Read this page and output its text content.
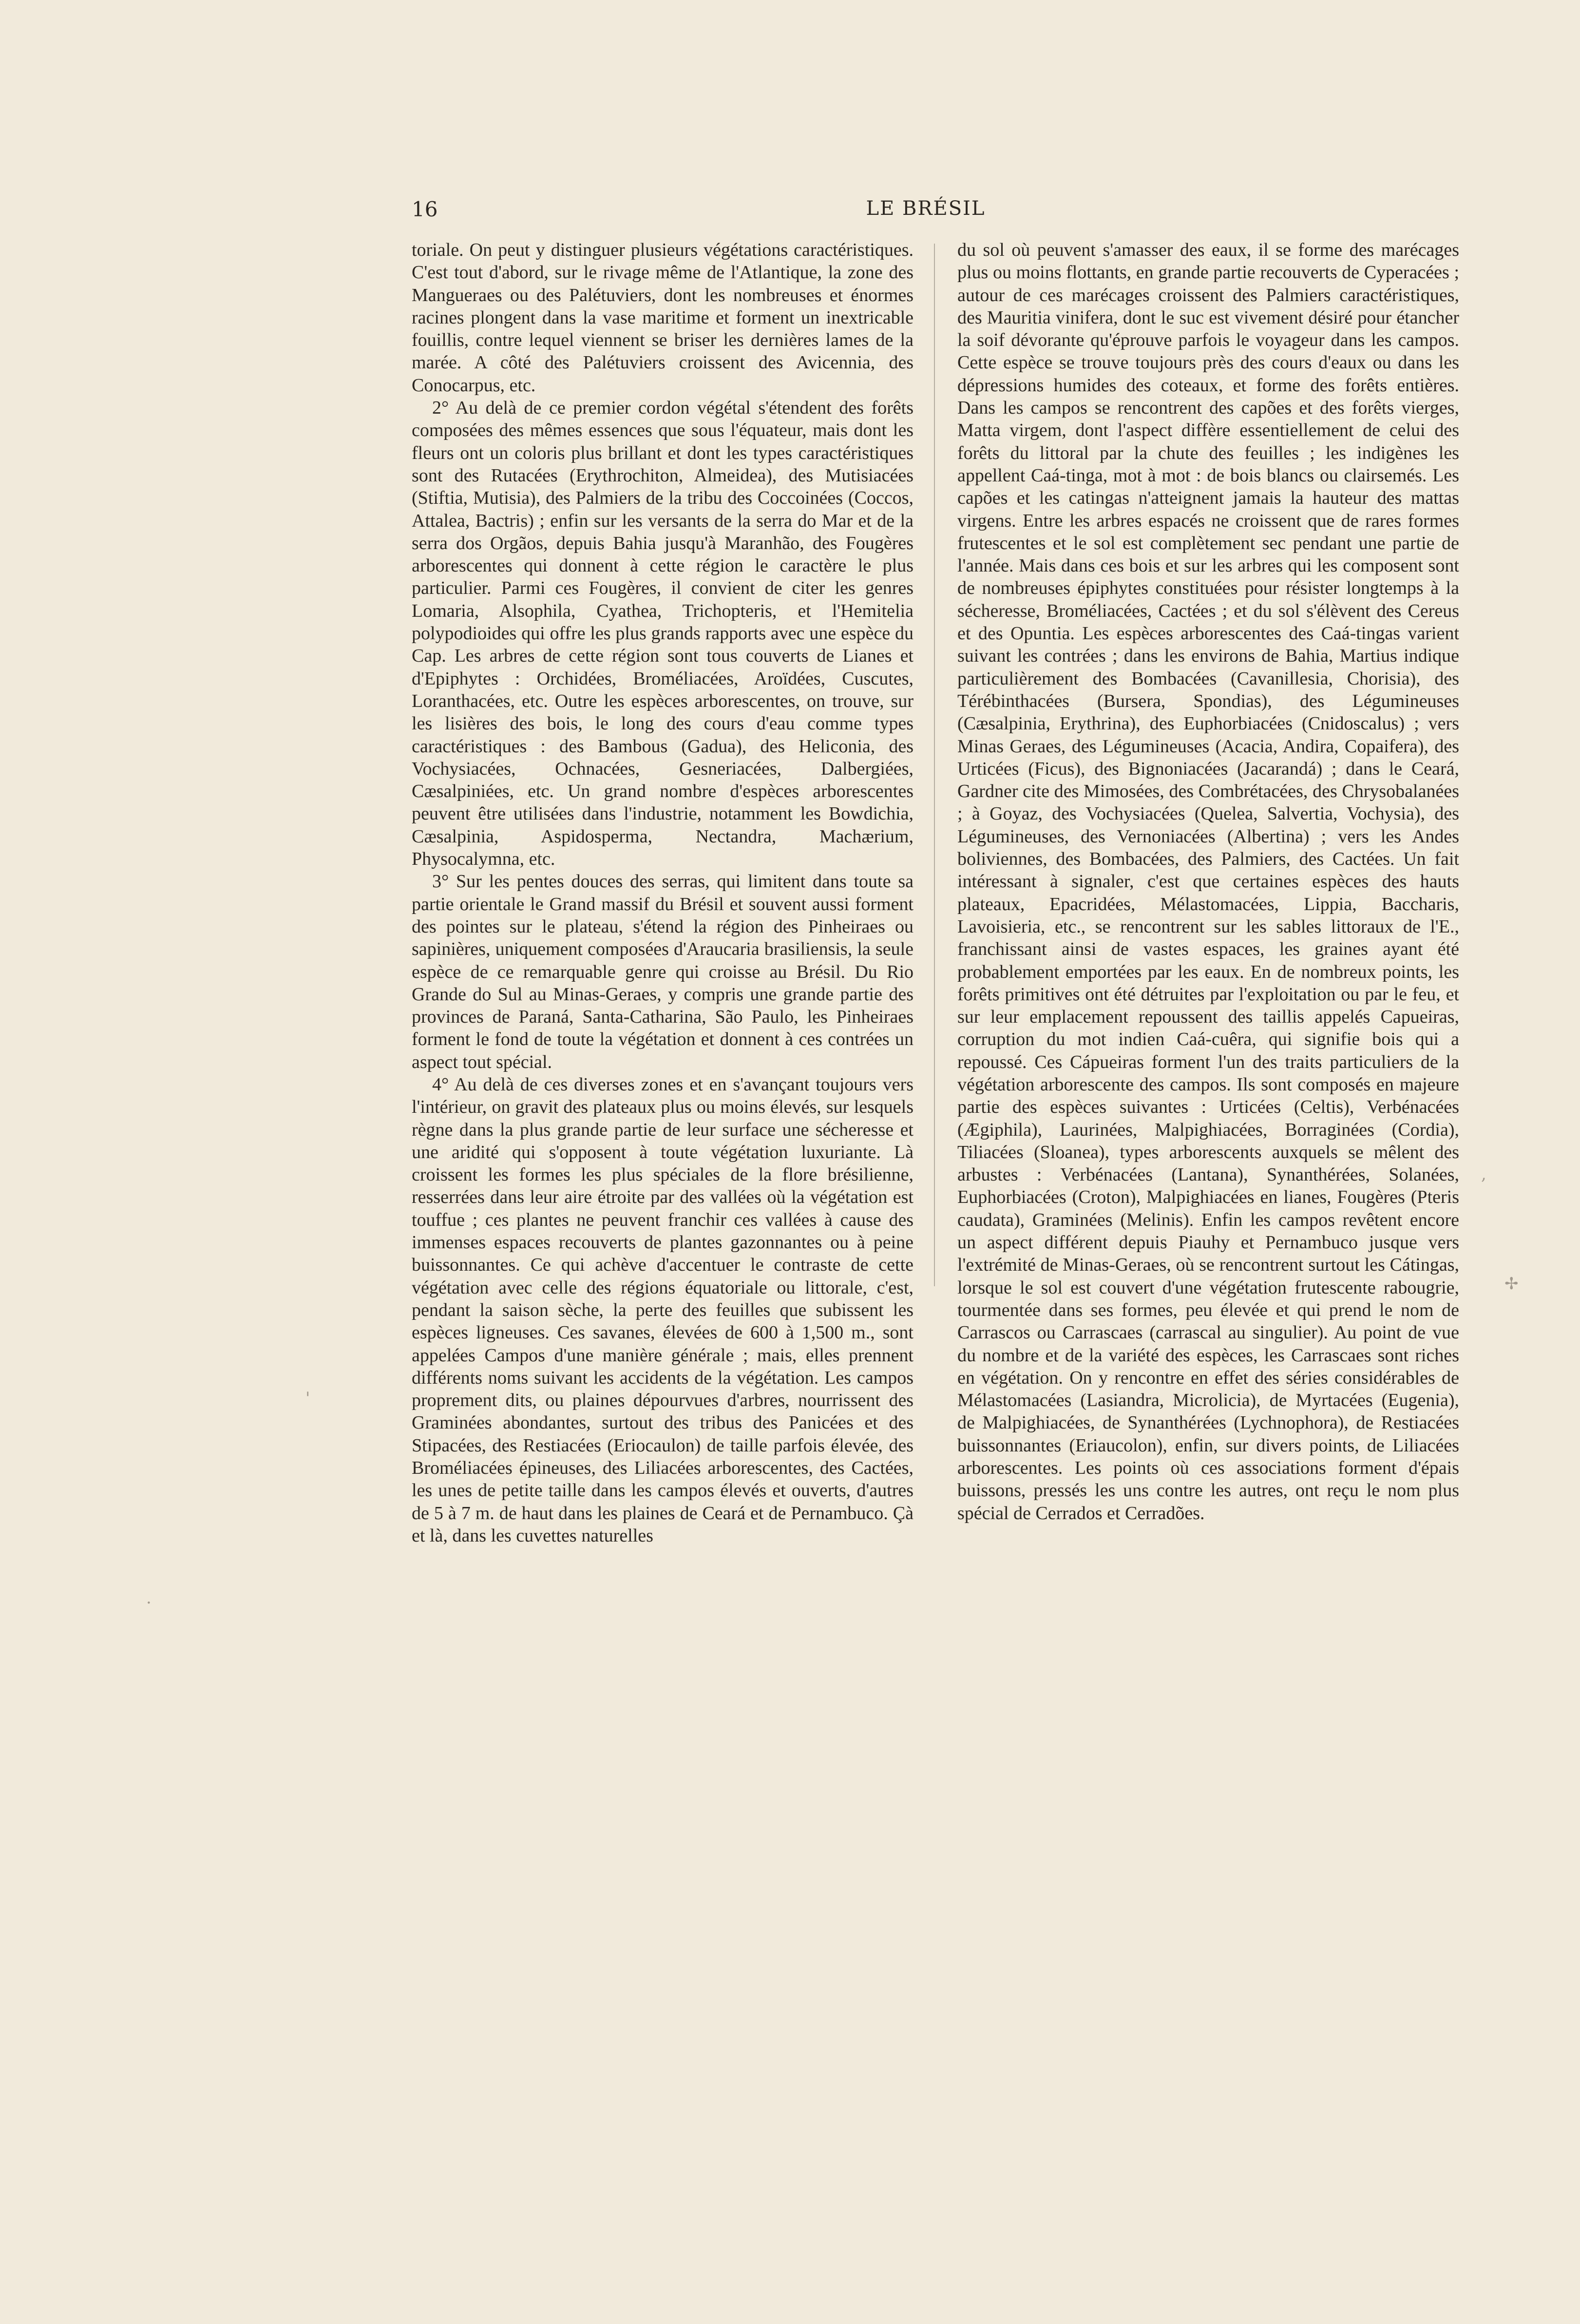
16	LE BRÉSIL

toriale. On peut y distinguer plusieurs végétations caractéristiques. C'est tout d'abord, sur le rivage même de l'Atlantique, la zone des Manguerаes ou des Palétuviers, dont les nombreuses et énormes racines plongent dans la vase maritime et forment un inextricable fouillis, contre lequel viennent se briser les dernières lames de la marée. A côté des Palétuviers croissent des Avicennia, des Conocarpus, etc.

2° Au delà de ce premier cordon végétal s'étendent des forêts composées des mêmes essences que sous l'équateur, mais dont les fleurs ont un coloris plus brillant et dont les types caractéristiques sont des Rutacées (Erythrochiton, Almeidea), des Mutisiacées (Stiftia, Mutisia), des Palmiers de la tribu des Coccoinées (Coccos, Attalea, Bactris) ; enfin sur les versants de la serra do Mar et de la serra dos Orgãos, depuis Bahia jusqu'à Maranhão, des Fougères arborescentes qui donnent à cette région le caractère le plus particulier. Parmi ces Fougères, il convient de citer les genres Lomaria, Alsophila, Cyathea, Trichopteris, et l'Hemitelia polypodioides qui offre les plus grands rapports avec une espèce du Cap. Les arbres de cette région sont tous couverts de Lianes et d'Epiphytes : Orchidées, Broméliacées, Aroïdées, Cuscutes, Loranthacées, etc. Outre les espèces arborescentes, on trouve, sur les lisières des bois, le long des cours d'eau comme types caractéristiques : des Bambous (Gadua), des Heliconia, des Vochysiacées, Ochnacées, Gesneriacées, Dalbergiées, Cæsalpiniées, etc. Un grand nombre d'espèces arborescentes peuvent être utilisées dans l'industrie, notamment les Bowdichia, Cæsalpinia, Aspidosperma, Nectandra, Machærium, Physocalymna, etc.

3° Sur les pentes douces des serras, qui limitent dans toute sa partie orientale le Grand massif du Brésil et souvent aussi forment des pointes sur le plateau, s'étend la région des Pinheiraes ou sapinières, uniquement composées d'Araucaria brasiliensis, la seule espèce de ce remarquable genre qui croisse au Brésil. Du Rio Grande do Sul au Minas-Geraes, y compris une grande partie des provinces de Paraná, Santa-Catharina, São Paulo, les Pinheiraes forment le fond de toute la végétation et donnent à ces contrées un aspect tout spécial.

4° Au delà de ces diverses zones et en s'avançant toujours vers l'intérieur, on gravit des plateaux plus ou moins élevés, sur lesquels règne dans la plus grande partie de leur surface une sécheresse et une aridité qui s'opposent à toute végétation luxuriante. Là croissent les formes les plus spéciales de la flore brésilienne, resserrées dans leur aire étroite par des vallées où la végétation est touffue ; ces plantes ne peuvent franchir ces vallées à cause des immenses espaces recouverts de plantes gazonnantes ou à peine buissonnantes. Ce qui achève d'accentuer le contraste de cette végétation avec celle des régions équatoriale ou littorale, c'est, pendant la saison sèche, la perte des feuilles que subissent les espèces ligneuses. Ces savanes, élevées de 600 à 1,500 m., sont appelées Campos d'une manière générale ; mais, elles prennent différents noms suivant les accidents de la végétation. Les campos proprement dits, ou plaines dépourvues d'arbres, nourrissent des Graminées abondantes, surtout des tribus des Panicées et des Stipacées, des Restiacées (Eriocaulon) de taille parfois élevée, des Broméliacées épineuses, des Liliacées arborescentes, des Cactées, les unes de petite taille dans les campos élevés et ouverts, d'autres de 5 à 7 m. de haut dans les plaines de Ceará et de Pernambuco. Çà et là, dans les cuvettes naturelles

du sol où peuvent s'amasser des eaux, il se forme des marécages plus ou moins flottants, en grande partie recouverts de Cyperacées ; autour de ces marécages croissent des Palmiers caractéristiques, des Mauritia vinifera, dont le suc est vivement désiré pour étancher la soif dévorante qu'éprouve parfois le voyageur dans les campos. Cette espèce se trouve toujours près des cours d'eaux ou dans les dépressions humides des coteaux, et forme des forêts entières. Dans les campos se rencontrent des capões et des forêts vierges, Matta virgem, dont l'aspect diffère essentiellement de celui des forêts du littoral par la chute des feuilles ; les indigènes les appellent Caá-tinga, mot à mot : de bois blancs ou clairsemés. Les capões et les catingas n'atteignent jamais la hauteur des mattas virgens. Entre les arbres espacés ne croissent que de rares formes frutescentes et le sol est complètement sec pendant une partie de l'année. Mais dans ces bois et sur les arbres qui les composent sont de nombreuses épiphytes constituées pour résister longtemps à la sécheresse, Broméliacées, Cactées ; et du sol s'élèvent des Cereus et des Opuntia. Les espèces arborescentes des Caá-tingas varient suivant les contrées ; dans les environs de Bahia, Martius indique particulièrement des Bombacées (Cavanillesia, Chorisia), des Térébinthacées (Bursera, Spondias), des Légumineuses (Cæsalpinia, Erythrina), des Euphorbiacées (Cnidoscalus) ; vers Minas Geraes, des Légumineuses (Acacia, Andira, Copaifera), des Urticées (Ficus), des Bignoniacées (Jacarandá) ; dans le Ceará, Gardner cite des Mimosées, des Combrétacées, des Chrysobalanées ; à Goyaz, des Vochysiacées (Quelea, Salvertia, Vochysia), des Légumineuses, des Vernoniacées (Albertina) ; vers les Andes boliviennes, des Bombacées, des Palmiers, des Cactées. Un fait intéressant à signaler, c'est que certaines espèces des hauts plateaux, Epacridées, Mélastomacées, Lippia, Baccharis, Lavoisieria, etc., se rencontrent sur les sables littoraux de l'E., franchissant ainsi de vastes espaces, les graines ayant été probablement emportées par les eaux. En de nombreux points, les forêts primitives ont été détruites par l'exploitation ou par le feu, et sur leur emplacement repoussent des taillis appelés Capueiras, corruption du mot indien Caá-cuêra, qui signifie bois qui a repoussé. Ces Cápueiras forment l'un des traits particuliers de la végétation arborescente des campos. Ils sont composés en majeure partie des espèces suivantes : Urticées (Celtis), Verbénacées (Ægiphila), Laurinées, Malpighiacées, Borraginées (Cordia), Tiliacées (Sloanea), types arborescents auxquels se mêlent des arbustes : Verbénacées (Lantana), Synanthérées, Solanées, Euphorbiacées (Croton), Malpighiacées en lianes, Fougères (Pteris caudata), Graminées (Melinis). Enfin les campos revêtent encore un aspect différent depuis Piauhy et Pernambuco jusque vers l'extrémité de Minas-Geraes, où se rencontrent surtout les Cátingas, lorsque le sol est couvert d'une végétation frutescente rabougrie, tourmentée dans ses formes, peu élevée et qui prend le nom de Carrascos ou Carrascaes (carrascal au singulier). Au point de vue du nombre et de la variété des espèces, les Carrascaes sont riches en végétation. On y rencontre en effet des séries considérables de Mélastomacées (Lasiandra, Microlicia), de Myrtacées (Eugenia), de Malpighiacées, de Synanthérées (Lychnophora), de Restiacées buissonnantes (Eriaucolon), enfin, sur divers points, de Liliacées arborescentes. Les points où ces associations forment d'épais buissons, pressés les uns contre les autres, ont reçu le nom plus spécial de Cerrados et Cerradões.

,
✢
'
·
